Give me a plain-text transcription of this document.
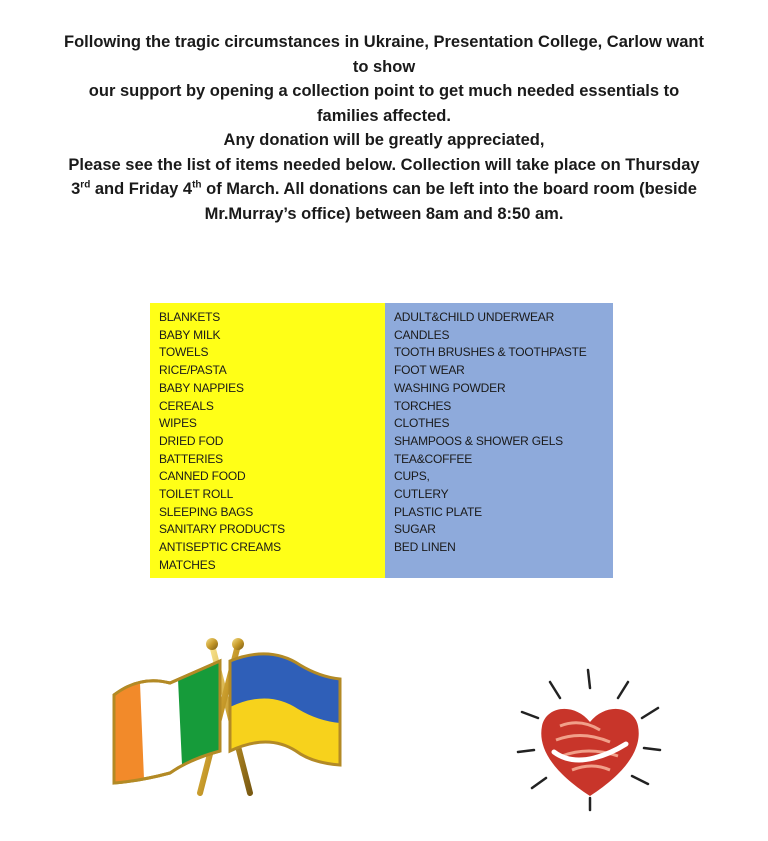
Following the tragic circumstances in Ukraine, Presentation College, Carlow want to show

our support by opening a collection point to get much needed essentials to families affected.

Any donation will be greatly appreciated,

Please see the list of items needed below. Collection will take place on Thursday 3rd and Friday 4th of March. All donations can be left into the board room (beside Mr.Murray’s office) between 8am and 8:50 am.

BLANKETS
BABY MILK
TOWELS
RICE/PASTA
BABY NAPPIES
CEREALS
WIPES
DRIED FOD
BATTERIES
CANNED FOOD
TOILET ROLL
SLEEPING BAGS
SANITARY PRODUCTS
ANTISEPTIC CREAMS
MATCHES
ADULT&CHILD UNDERWEAR
CANDLES
TOOTH BRUSHES & TOOTHPASTE
FOOT WEAR
WASHING POWDER
TORCHES
CLOTHES
SHAMPOOS & SHOWER GELS
TEA&COFFEE
CUPS,
CUTLERY
PLASTIC PLATE
SUGAR
BED LINEN
